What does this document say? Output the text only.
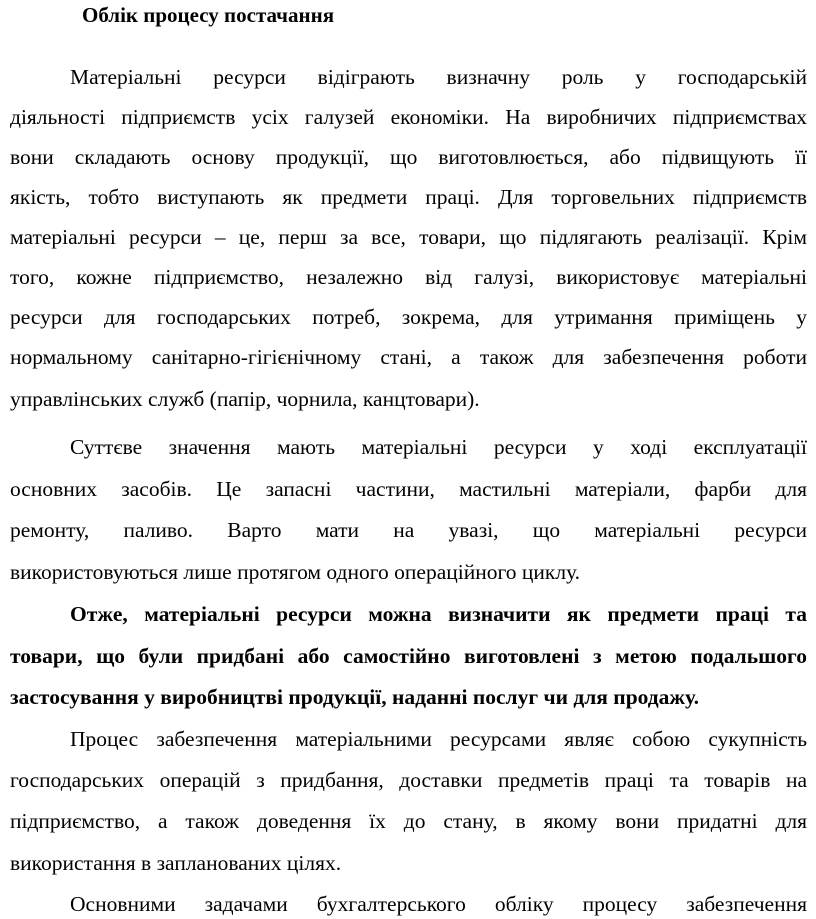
Облік процесу постачання
Матеріальні ресурси відіграють визначну роль у господарській
діяльності підприємств усіх галузей економіки. На виробничих підприємствах
вони складають основу продукції, що виготовлюється, або підвищують її
якість, тобто виступають як предмети праці. Для торговельних підприємств
матеріальні ресурси – це, перш за все, товари, що підлягають реалізації. Крім
того, кожне підприємство, незалежно від галузі, використовує матеріальні
ресурси для господарських потреб, зокрема, для утримання приміщень у
нормальному санітарно-гігієнічному стані, а також для забезпечення роботи
управлінських служб (папір, чорнила, канцтовари).
Суттєве значення мають матеріальні ресурси у ході експлуатації
основних засобів. Це запасні частини, мастильні матеріали, фарби для
ремонту, паливо. Варто мати на увазі, що матеріальні ресурси
використовуються лише протягом одного операційного циклу.
Отже, матеріальні ресурси можна визначити як предмети праці та
товари, що були придбані або самостійно виготовлені з метою подальшого
застосування у виробництві продукції, наданні послуг чи для продажу.
Процес забезпечення матеріальними ресурсами являє собою сукупність
господарських операцій з придбання, доставки предметів праці та товарів на
підприємство, а також доведення їх до стану, в якому вони придатні для
використання в запланованих цілях.
Основними задачами бухгалтерського обліку процесу забезпечення
